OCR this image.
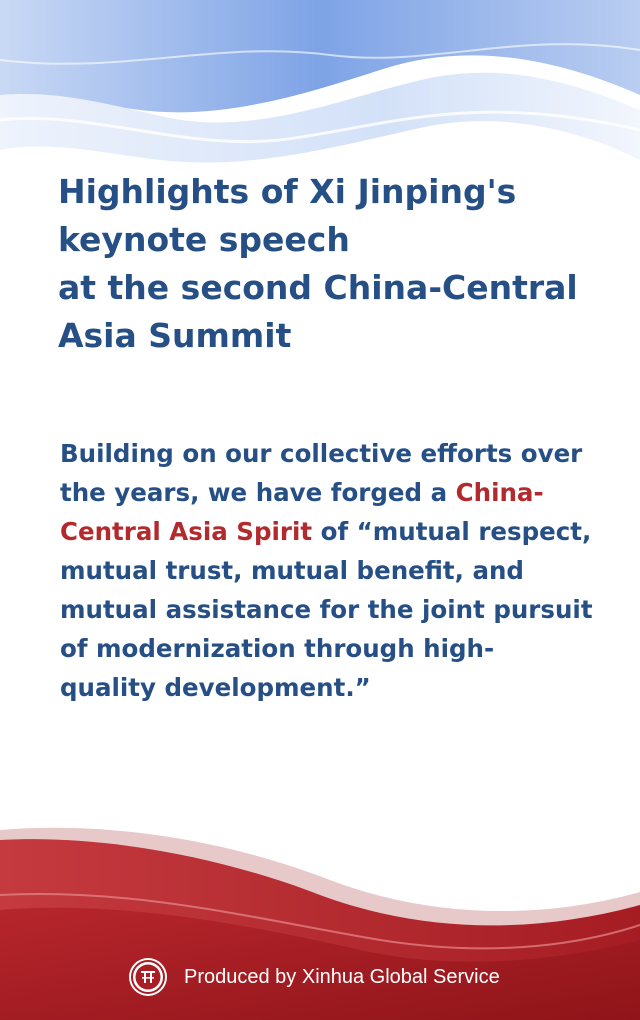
Highlights of Xi Jinping's
keynote speech
at the second China-Central
Asia Summit
Building on our collective efforts over
the years, we have forged a China-
Central Asia Spirit of “mutual respect,
mutual trust, mutual benefit, and
mutual assistance for the joint pursuit
of modernization through high-
quality development.”
Produced by Xinhua Global Service
